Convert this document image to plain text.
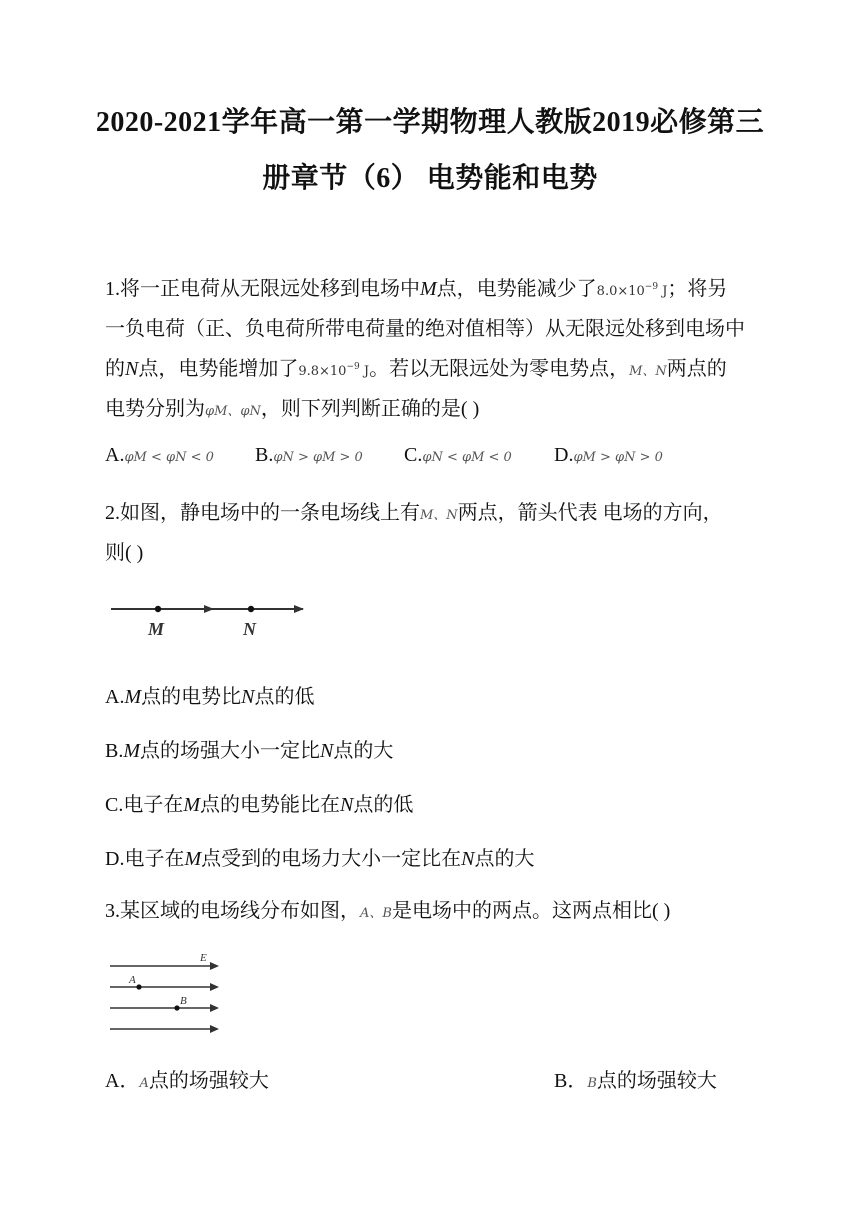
2020-2021学年高一第一学期物理人教版2019必修第三
册章节（6） 电势能和电势
1.将一正电荷从无限远处移到电场中M点，电势能减少了$8.0\times 10^{-9}$ J；将另
一负电荷（正、负电荷所带电荷量的绝对值相等）从无限远处移到电场中
的N点，电势能增加了$9.8\times 10^{-9}$ J。若以无限远处为零电势点，M、N两点的
电势分别为φM、φN，则下列判断正确的是( )
A.φM < φN < 0 B.φN > φM > 0 C.φN < φM < 0 D.φM > φN > 0
2.如图，静电场中的一条电场线上有M、N两点，箭头代表 电场的方向，
则( )
M	N
A.M点的电势比N点的低
B.M点的场强大小一定比N点的大
C.电子在M点的电势能比在N点的低
D.电子在M点受到的电场力大小一定比在N点的大
3.某区域的电场线分布如图，A、B是电场中的两点。这两点相比( )
E
A
B
A．A点的场强较大	B．B点的场强较大
